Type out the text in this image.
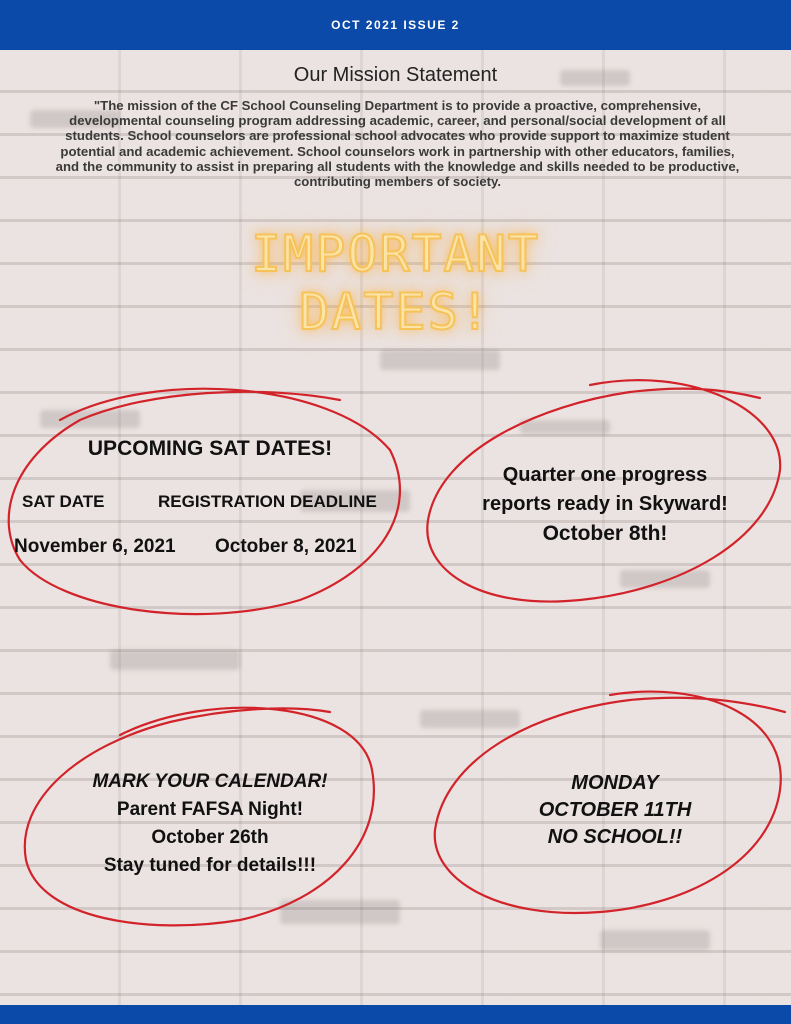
OCT 2021 ISSUE 2
Our Mission Statement
"The mission of the CF School Counseling Department is to provide a proactive, comprehensive, developmental counseling program addressing academic, career, and personal/social development of all students. School counselors are professional school advocates who provide support to maximize student potential and academic achievement. School counselors work in partnership with other educators, families, and the community to assist in preparing all students with the knowledge and skills needed to be productive, contributing members of society.
IMPORTANT
DATES!
UPCOMING SAT DATES!
SAT DATE	REGISTRATION DEADLINE
November 6, 2021 October 8, 2021
Quarter one progress
reports ready in Skyward!
October 8th!
MARK YOUR CALENDAR!
Parent FAFSA Night!
October 26th
Stay tuned for details!!!
MONDAY
OCTOBER 11TH
NO SCHOOL!!
